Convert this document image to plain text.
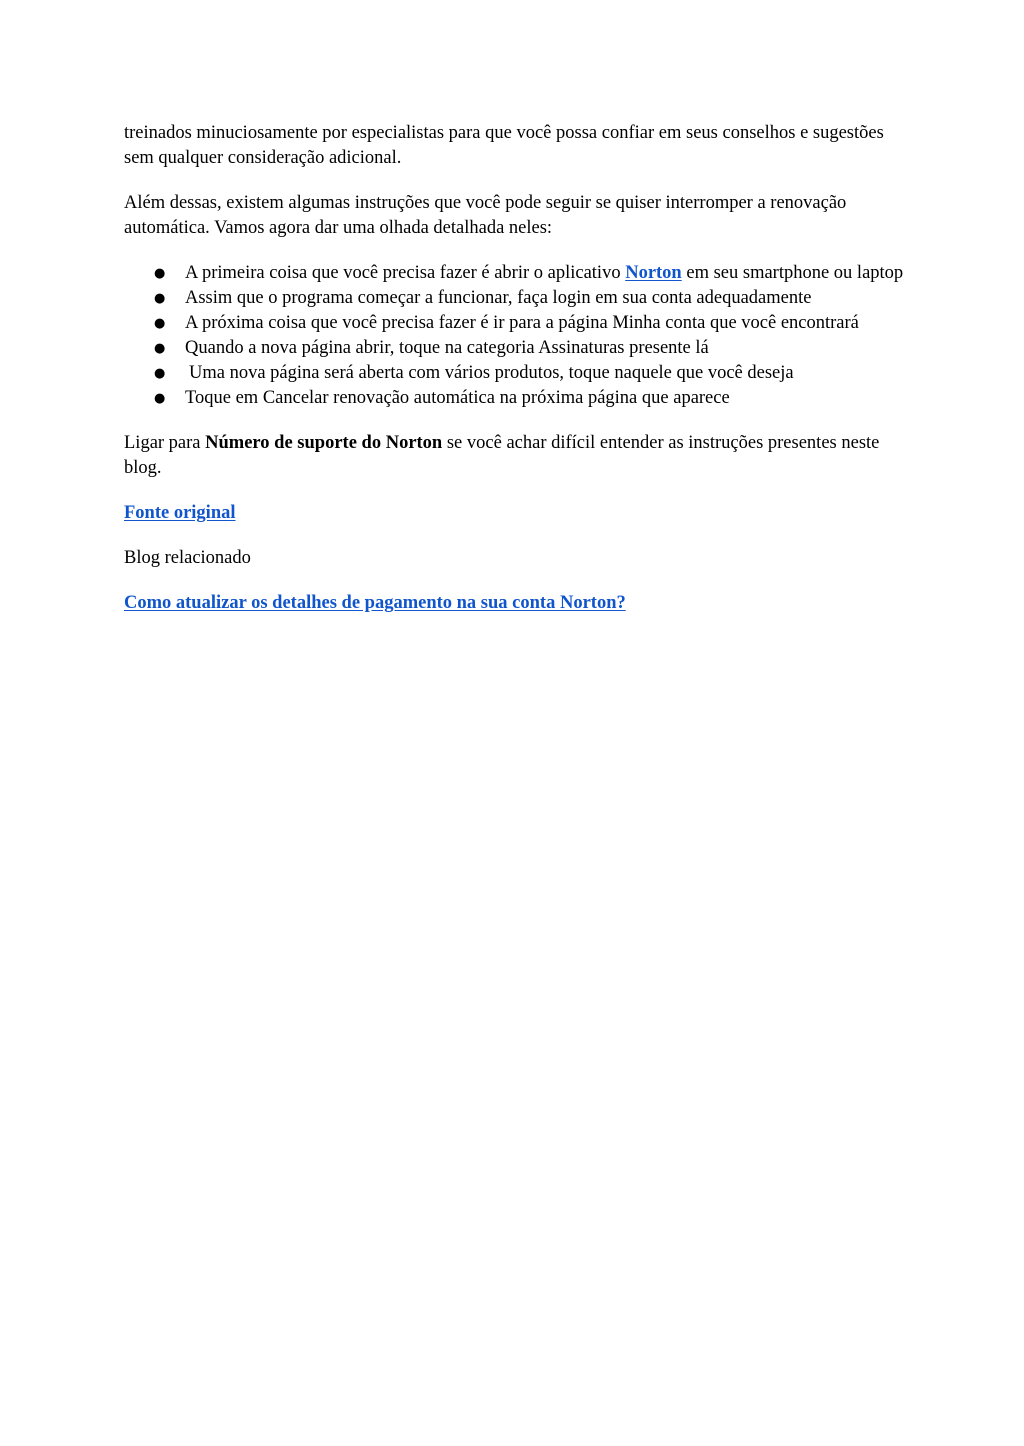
treinados minuciosamente por especialistas para que você possa confiar em seus conselhos e sugestões sem qualquer consideração adicional.

Além dessas, existem algumas instruções que você pode seguir se quiser interromper a renovação automática. Vamos agora dar uma olhada detalhada neles:

● A primeira coisa que você precisa fazer é abrir o aplicativo Norton em seu smartphone ou laptop
● Assim que o programa começar a funcionar, faça login em sua conta adequadamente
● A próxima coisa que você precisa fazer é ir para a página Minha conta que você encontrará
● Quando a nova página abrir, toque na categoria Assinaturas presente lá
● Uma nova página será aberta com vários produtos, toque naquele que você deseja
● Toque em Cancelar renovação automática na próxima página que aparece

Ligar para Número de suporte do Norton se você achar difícil entender as instruções presentes neste blog.

Fonte original

Blog relacionado

Como atualizar os detalhes de pagamento na sua conta Norton?
